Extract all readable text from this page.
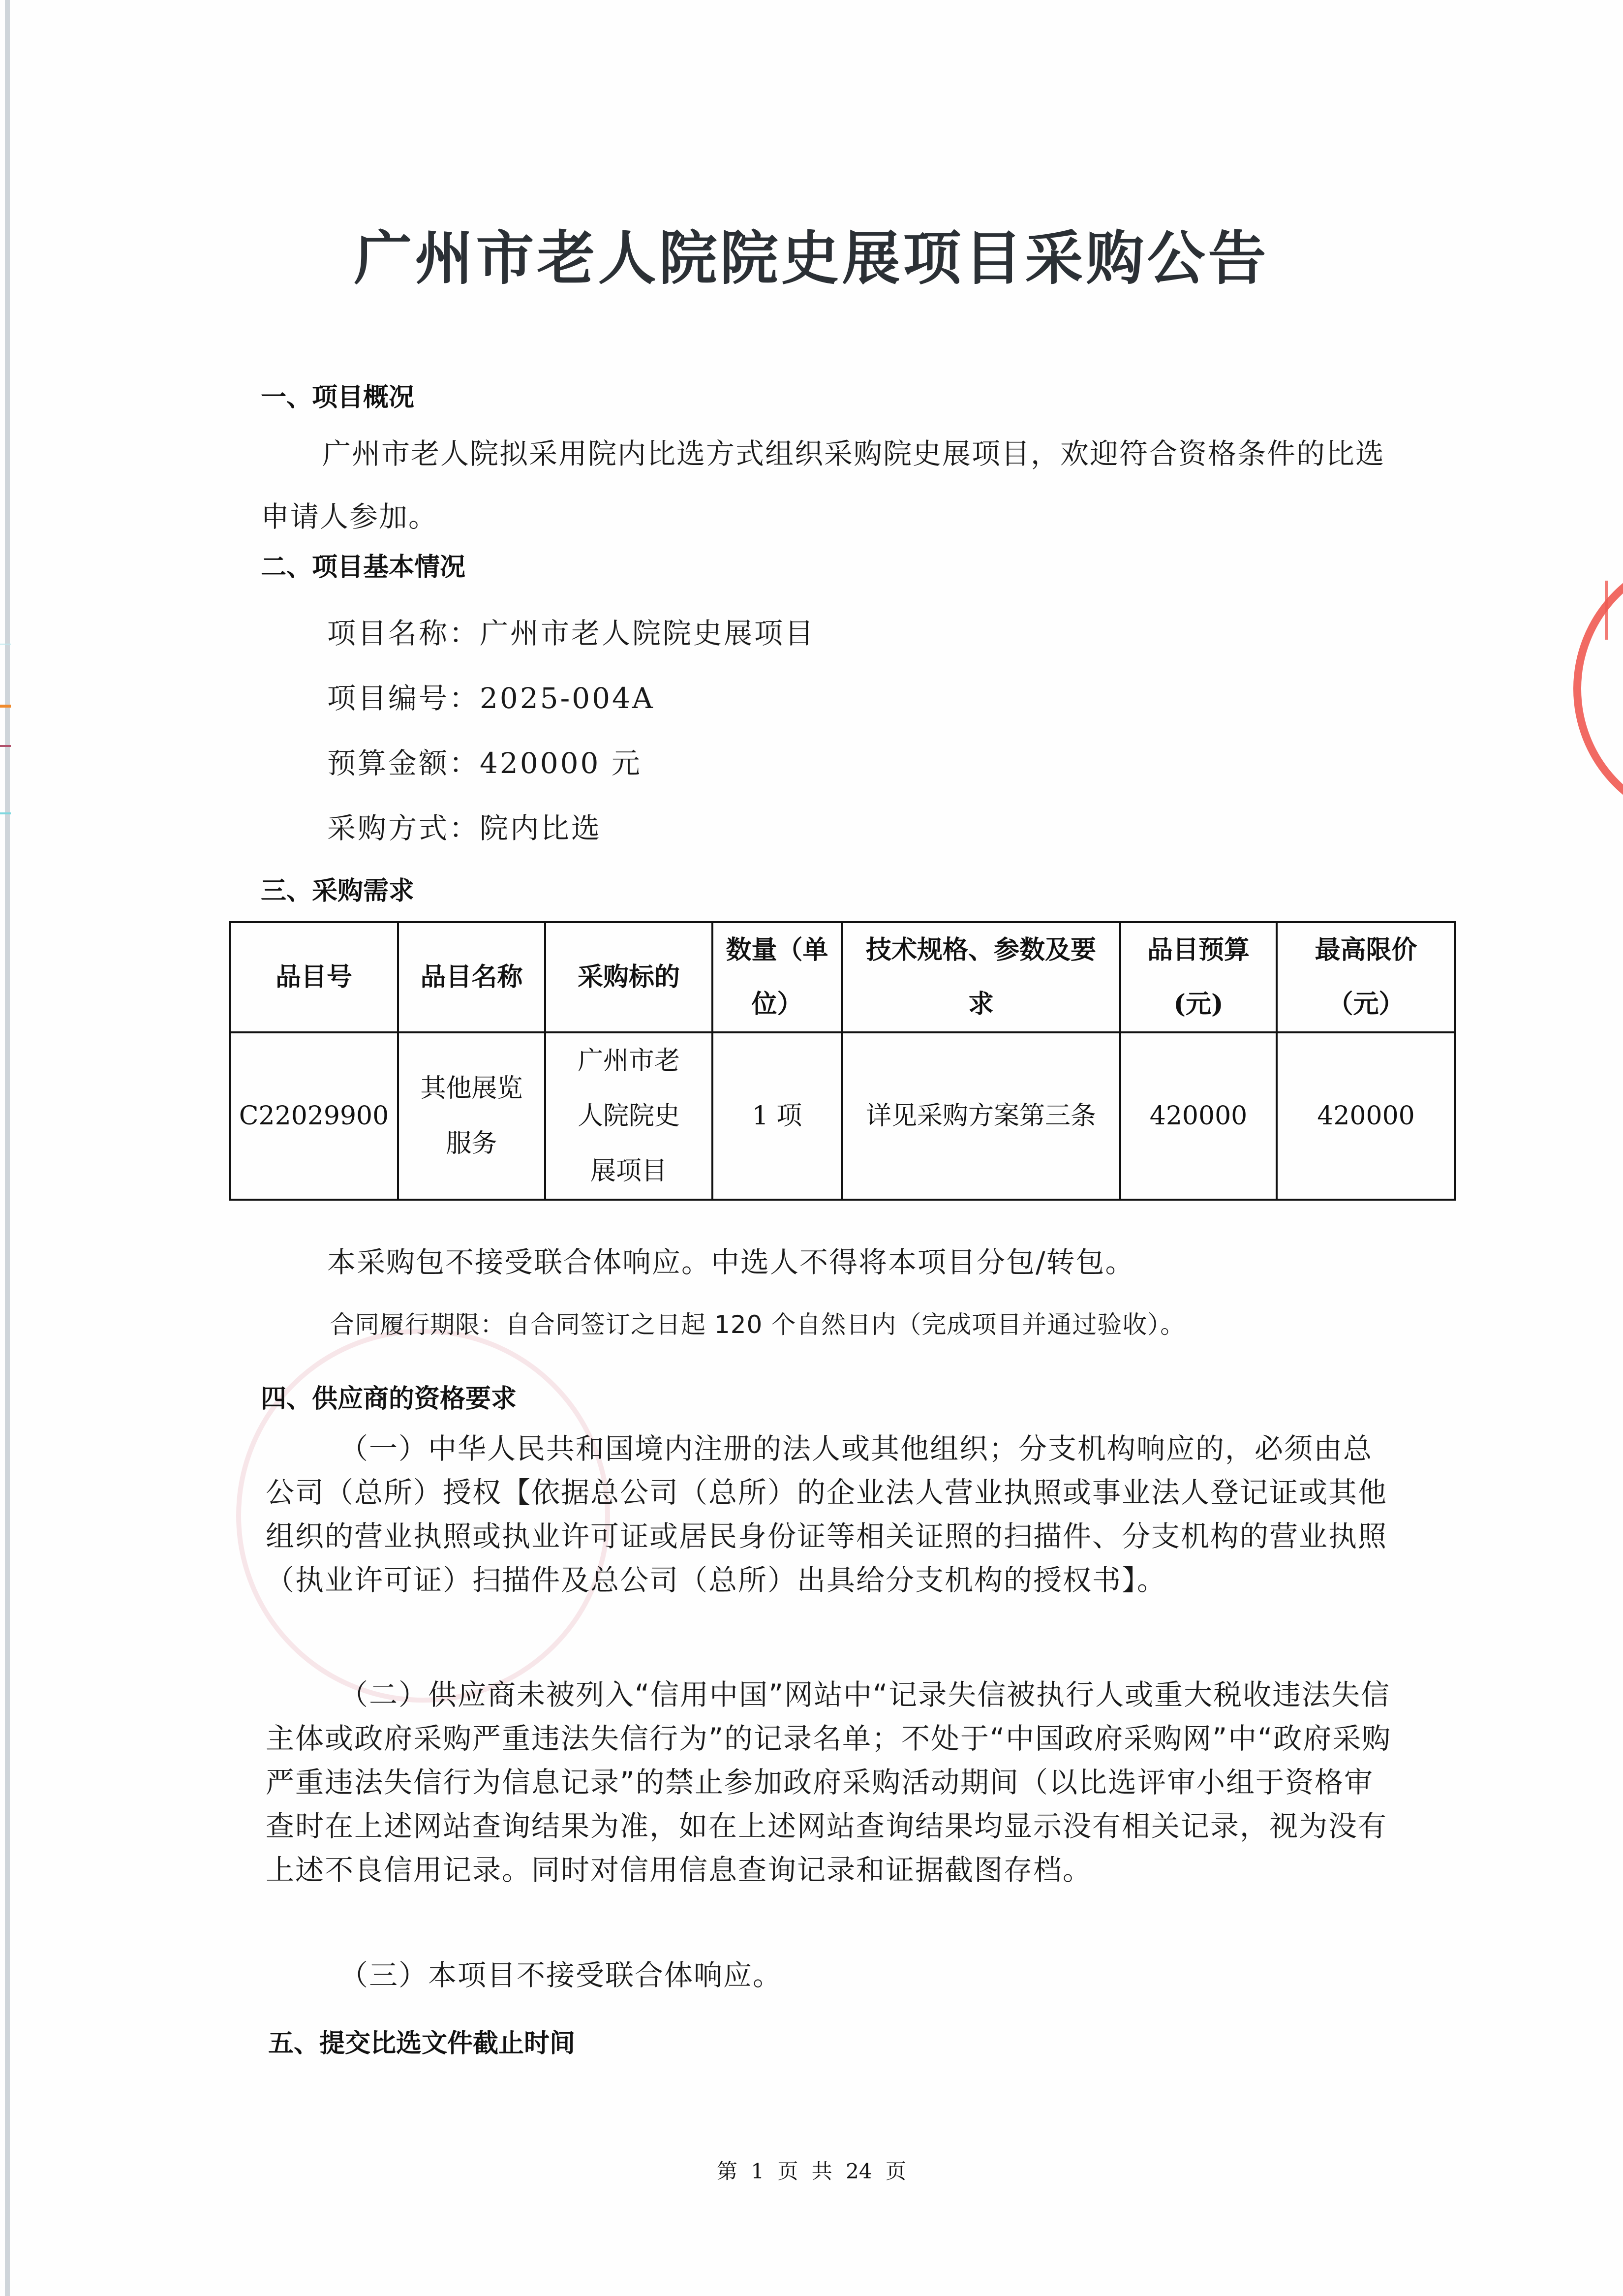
广州市老人院院史展项目采购公告
一、项目概况
广州市老人院拟采用院内比选方式组织采购院史展项目，欢迎符合资格条件的比选申请人参加。
二、项目基本情况
项目名称：广州市老人院院史展项目
项目编号：2025-004A
预算金额：420000 元
采购方式：院内比选
三、采购需求
品目号	品目名称	采购标的	数量（单位）	技术规格、参数及要求	品目预算(元)	最高限价（元）
C22029900	其他展览服务	广州市老人院院史展项目	1 项	详见采购方案第三条	420000	420000
本采购包不接受联合体响应。中选人不得将本项目分包/转包。
合同履行期限：自合同签订之日起 120 个自然日内（完成项目并通过验收）。
四、供应商的资格要求
（一）中华人民共和国境内注册的法人或其他组织；分支机构响应的，必须由总公司（总所）授权【依据总公司（总所）的企业法人营业执照或事业法人登记证或其他组织的营业执照或执业许可证或居民身份证等相关证照的扫描件、分支机构的营业执照（执业许可证）扫描件及总公司（总所）出具给分支机构的授权书】。
（二）供应商未被列入“信用中国”网站中“记录失信被执行人或重大税收违法失信主体或政府采购严重违法失信行为”的记录名单；不处于“中国政府采购网”中“政府采购严重违法失信行为信息记录”的禁止参加政府采购活动期间（以比选评审小组于资格审查时在上述网站查询结果为准，如在上述网站查询结果均显示没有相关记录，视为没有上述不良信用记录。同时对信用信息查询记录和证据截图存档。
（三）本项目不接受联合体响应。
五、提交比选文件截止时间
第 1 页 共 24 页
